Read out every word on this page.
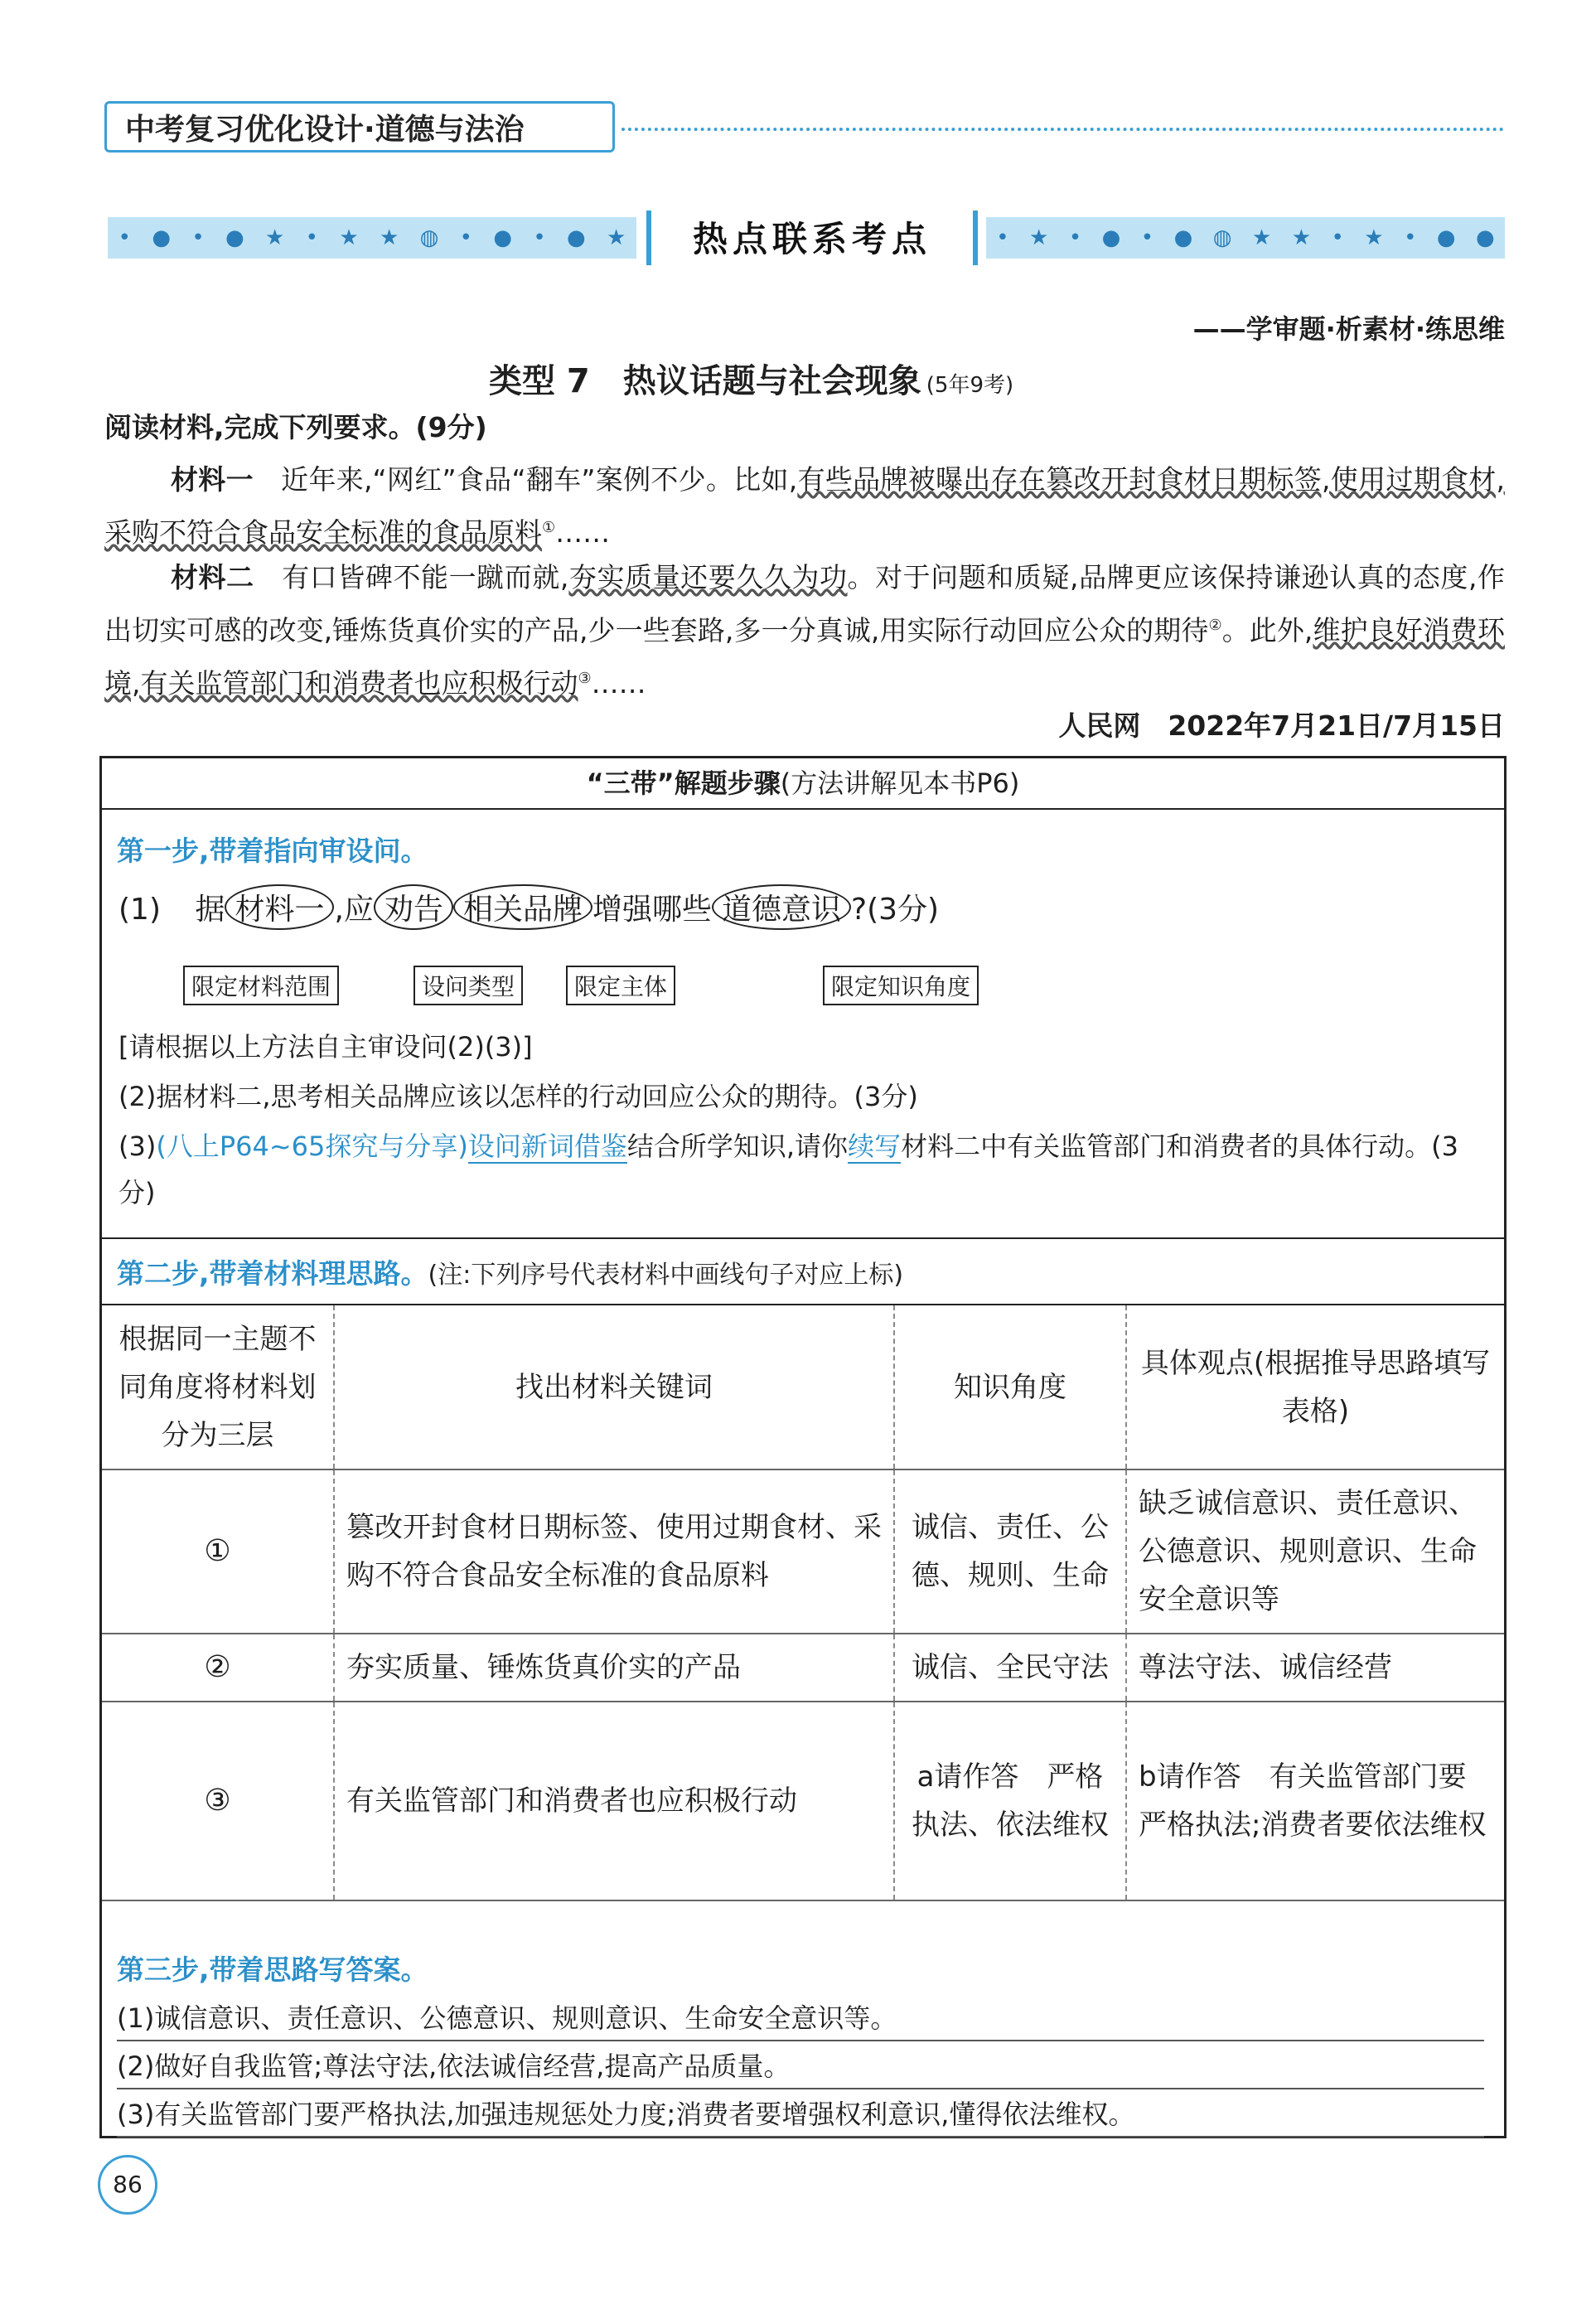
中考复习优化设计·道德与法治
• ● • ● ★ • ★ ★ ◍ • ● • ● ★	热点联系考点	• ★ • ● • ● ◍ ★ ★ • ★ • ● ●
——学审题·析素材·练思维
类型 7　热议话题与社会现象 (5年9考)
阅读材料,完成下列要求。(9分)
材料一　 近年来,“网红”食品“翻车”案例不少。比如,有些品牌被曝出存在篡改开封食材日期标签,使用过期食材,采购不符合食品安全标准的食品原料①……
材料二　 有口皆碑不能一蹴而就,夯实质量还要久久为功。对于问题和质疑,品牌更应该保持谦逊认真的态度,作出切实可感的改变,锤炼货真价实的产品,少一些套路,多一分真诚,用实际行动回应公众的期待②。此外,维护良好消费环境,有关监管部门和消费者也应积极行动③……
人民网　2022年7月21日/7月15日
“三带”解题步骤(方法讲解见本书P6)
第一步,带着指向审设问。
(1) 据 材料一 ,应 劝告 相关品牌 增强哪些 道德意识 ?(3分)
限定材料范围	设问类型	限定主体	限定知识角度
[请根据以上方法自主审设问(2)(3)]
(2)据材料二,思考相关品牌应该以怎样的行动回应公众的期待。(3分)
(3)(八上P64~65探究与分享)设问新词借鉴结合所学知识,请你续写材料二中有关监管部门和消费者的具体行动。(3分)
第二步,带着材料理思路。(注:下列序号代表材料中画线句子对应上标)
根据同一主题不同角度将材料划分为三层	找出材料关键词	知识角度	具体观点(根据推导思路填写表格)
①	篡改开封食材日期标签、使用过期食材、采购不符合食品安全标准的食品原料	诚信、责任、公德、规则、生命	缺乏诚信意识、责任意识、公德意识、规则意识、生命安全意识等
②	夯实质量、锤炼货真价实的产品	诚信、全民守法	尊法守法、诚信经营
③	有关监管部门和消费者也应积极行动	a请作答　严格执法、依法维权	b请作答　有关监管部门要严格执法;消费者要依法维权
第三步,带着思路写答案。
(1)诚信意识、责任意识、公德意识、规则意识、生命安全意识等。
(2)做好自我监管;尊法守法,依法诚信经营,提高产品质量。
(3)有关监管部门要严格执法,加强违规惩处力度;消费者要增强权利意识,懂得依法维权。
86
